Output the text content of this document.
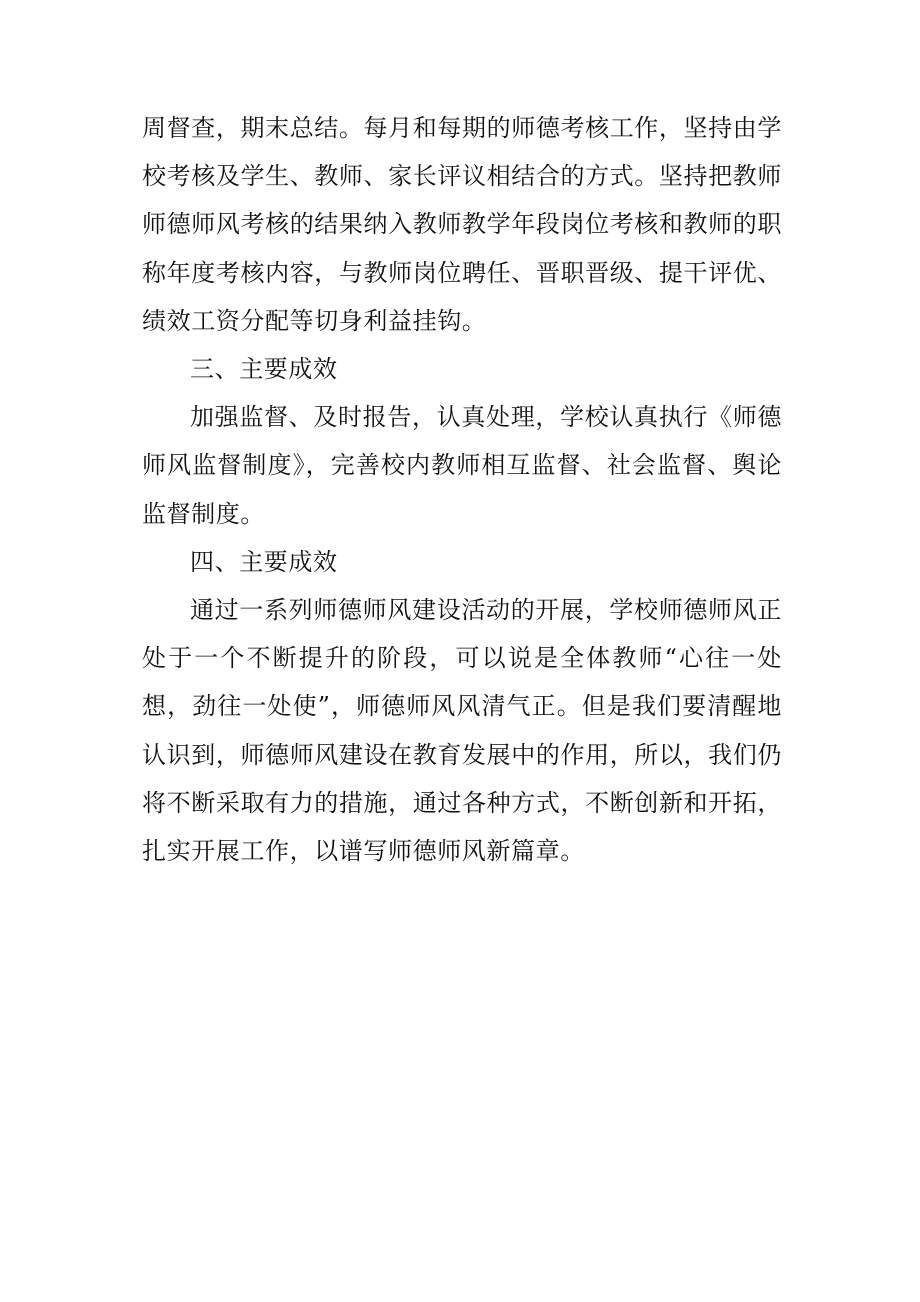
周督查，期末总结。每月和每期的师德考核工作，坚持由学校考核及学生、教师、家长评议相结合的方式。坚持把教师师德师风考核的结果纳入教师教学年段岗位考核和教师的职称年度考核内容，与教师岗位聘任、晋职晋级、提干评优、绩效工资分配等切身利益挂钩。

三、主要成效

加强监督、及时报告，认真处理，学校认真执行《师德师风监督制度》，完善校内教师相互监督、社会监督、舆论监督制度。

四、主要成效

通过一系列师德师风建设活动的开展，学校师德师风正处于一个不断提升的阶段，可以说是全体教师“心往一处想，劲往一处使”，师德师风风清气正。但是我们要清醒地认识到，师德师风建设在教育发展中的作用，所以，我们仍将不断采取有力的措施，通过各种方式，不断创新和开拓，扎实开展工作，以谱写师德师风新篇章。
